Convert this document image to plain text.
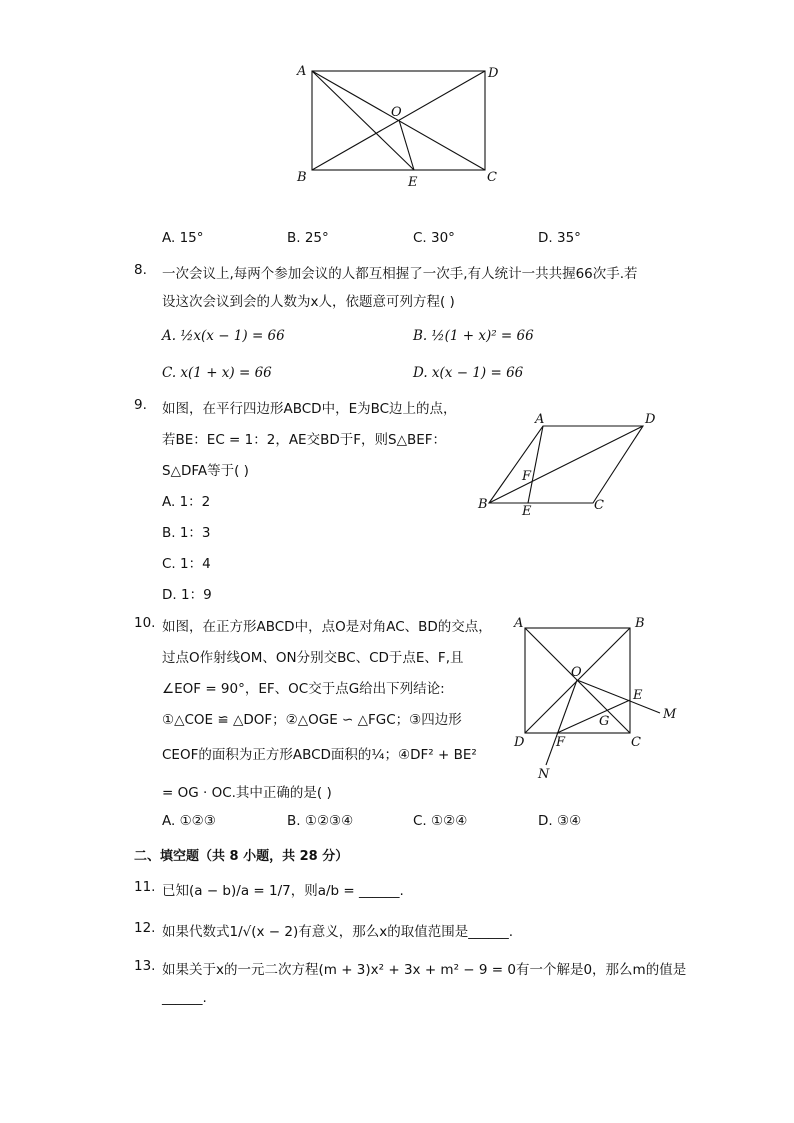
A	D
O
B	E	C
A. 15°	B. 25°	C. 30°	D. 35°
8. 一次会议上,每两个参加会议的人都互相握了一次手,有人统计一共共握66次手.若
设这次会议到会的人数为x人，依题意可列方程( )
A. ½x(x − 1) = 66	B. ½(1 + x)² = 66
C. x(1 + x) = 66	D. x(x − 1) = 66
9. 如图，在平行四边形ABCD中，E为BC边上的点，
若BE：EC = 1：2，AE交BD于F，则S△BEF：
S△DFA等于( )
A. 1：2
B. 1：3
C. 1：4
D. 1：9
A	D
F
B	E	C
10. 如图，在正方形ABCD中，点O是对角AC、BD的交点，
过点O作射线OM、ON分别交BC、CD于点E、F,且
∠EOF = 90°，EF、OC交于点G给出下列结论:
①△COE ≌ △DOF；②△OGE ∽ △FGC；③四边形
CEOF的面积为正方形ABCD面积的¼；④DF² + BE²
= OG · OC.其中正确的是( )
A. ①②③	B. ①②③④	C. ①②④	D. ③④
A	B
O
E
M
G
D F	C
N
二、填空题（共 8 小题，共 28 分）
11. 已知(a − b)/a = 1/7，则a/b = ______.
12. 如果代数式1/√(x − 2)有意义，那么x的取值范围是______.
13. 如果关于x的一元二次方程(m + 3)x² + 3x + m² − 9 = 0有一个解是0，那么m的值是
______.
